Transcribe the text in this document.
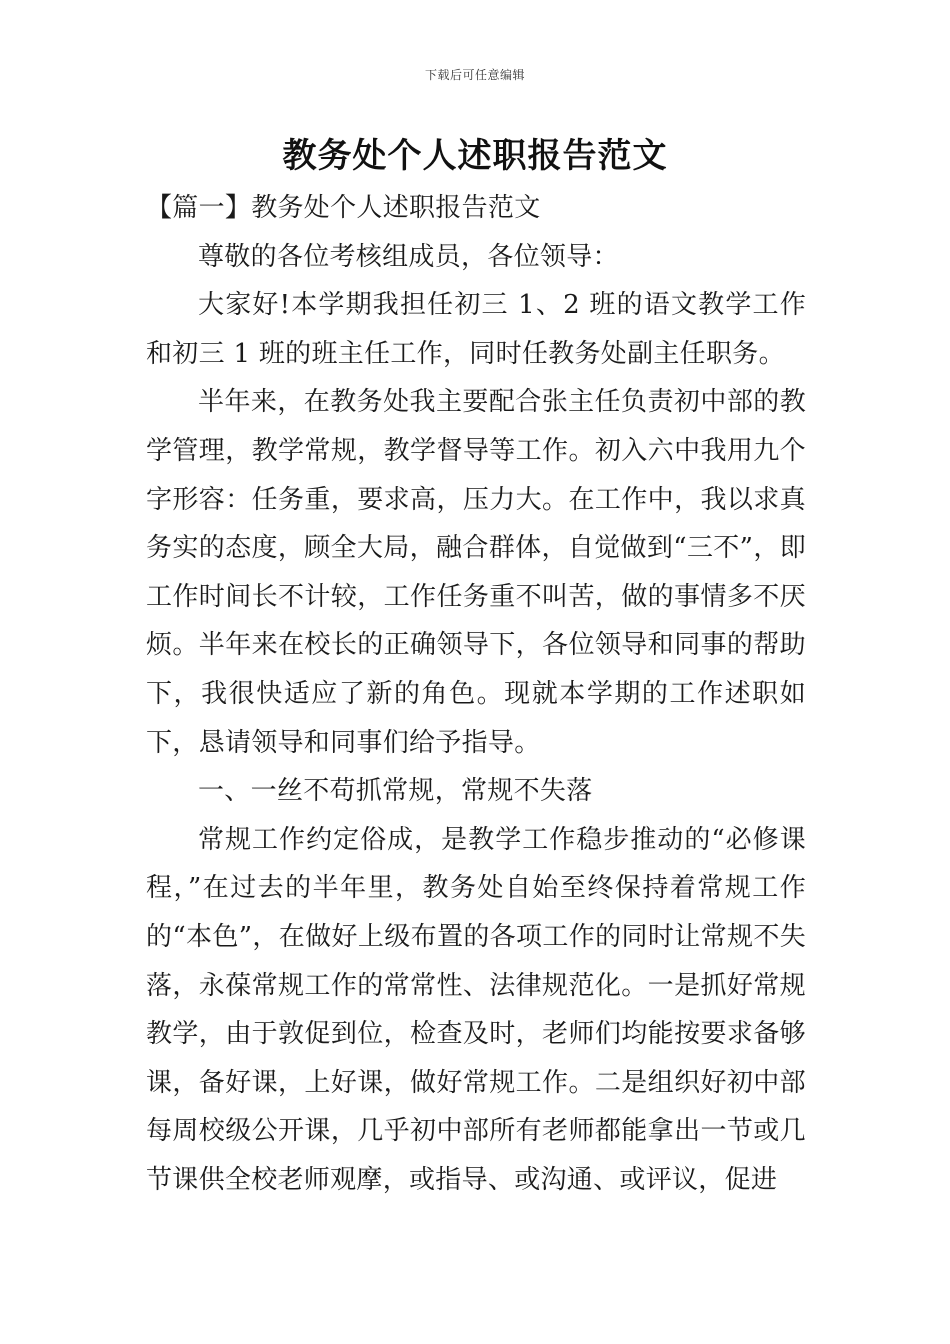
下载后可任意编辑
教务处个人述职报告范文

【篇一】教务处个人述职报告范文

尊敬的各位考核组成员，各位领导：

大家好!本学期我担任初三 1、2 班的语文教学工作和初三 1 班的班主任工作，同时任教务处副主任职务。

半年来，在教务处我主要配合张主任负责初中部的教学管理，教学常规，教学督导等工作。初入六中我用九个字形容：任务重，要求高，压力大。在工作中，我以求真务实的态度，顾全大局，融合群体，自觉做到“三不”，即工作时间长不计较，工作任务重不叫苦，做的事情多不厌烦。半年来在校长的正确领导下，各位领导和同事的帮助下，我很快适应了新的角色。现就本学期的工作述职如下，恳请领导和同事们给予指导。

一、一丝不苟抓常规，常规不失落

常规工作约定俗成，是教学工作稳步推动的“必修课程，”在过去的半年里，教务处自始至终保持着常规工作的“本色”，在做好上级布置的各项工作的同时让常规不失落，永葆常规工作的常常性、法律规范化。一是抓好常规教学，由于敦促到位，检查及时，老师们均能按要求备够课，备好课，上好课，做好常规工作。二是组织好初中部每周校级公开课，几乎初中部所有老师都能拿出一节或几节课供全校老师观摩，或指导、或沟通、或评议，促进
